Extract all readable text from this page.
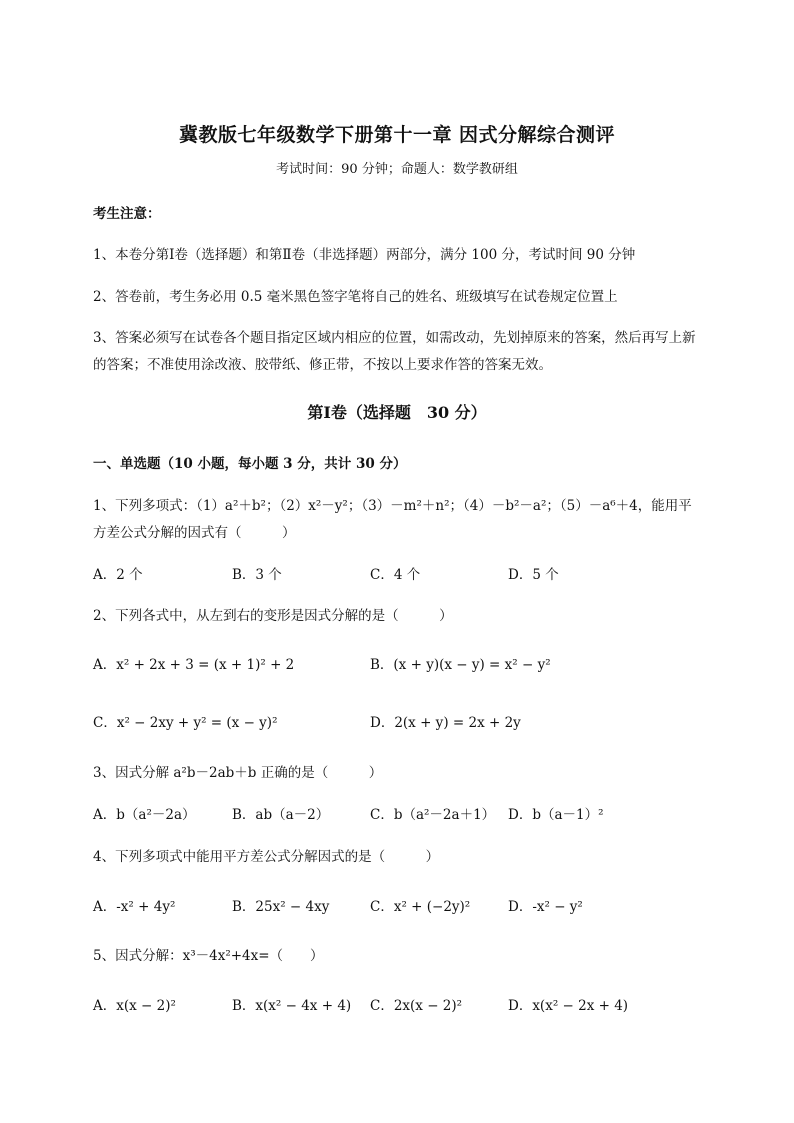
冀教版七年级数学下册第十一章 因式分解综合测评
考试时间：90 分钟；命题人：数学教研组
考生注意：
1、本卷分第Ⅰ卷（选择题）和第Ⅱ卷（非选择题）两部分，满分 100 分，考试时间 90 分钟
2、答卷前，考生务必用 0.5 毫米黑色签字笔将自己的姓名、班级填写在试卷规定位置上
3、答案必须写在试卷各个题目指定区域内相应的位置，如需改动，先划掉原来的答案，然后再写上新
的答案；不准使用涂改液、胶带纸、修正带，不按以上要求作答的答案无效。
第Ⅰ卷（选择题　30 分）
一、单选题（10 小题，每小题 3 分，共计 30 分）
1、下列多项式：（1）a²＋b²；（2）x²－y²；（3）－m²＋n²；（4）－b²－a²；（5）－a⁶＋4，能用平
方差公式分解的因式有（　　　）
A．2 个	B．3 个	C．4 个	D．5 个
2、下列各式中，从左到右的变形是因式分解的是（　　　）
A．x² + 2x + 3 = (x + 1)² + 2	B．(x + y)(x − y) = x² − y²
C．x² − 2xy + y² = (x − y)²	D．2(x + y) = 2x + 2y
3、因式分解 a²b－2ab＋b 正确的是（　　　）
A．b（a²－2a）	B．ab（a－2）	C．b（a²－2a＋1） D．b（a－1）²
4、下列多项式中能用平方差公式分解因式的是（　　　）
A．-x² + 4y²	B．25x² − 4xy	C．x² + (−2y)²	D．-x² − y²
5、因式分解：x³－4x²+4x=（　　）
A．x(x − 2)²	B．x(x² − 4x + 4) C．2x(x − 2)²	D．x(x² − 2x + 4)
